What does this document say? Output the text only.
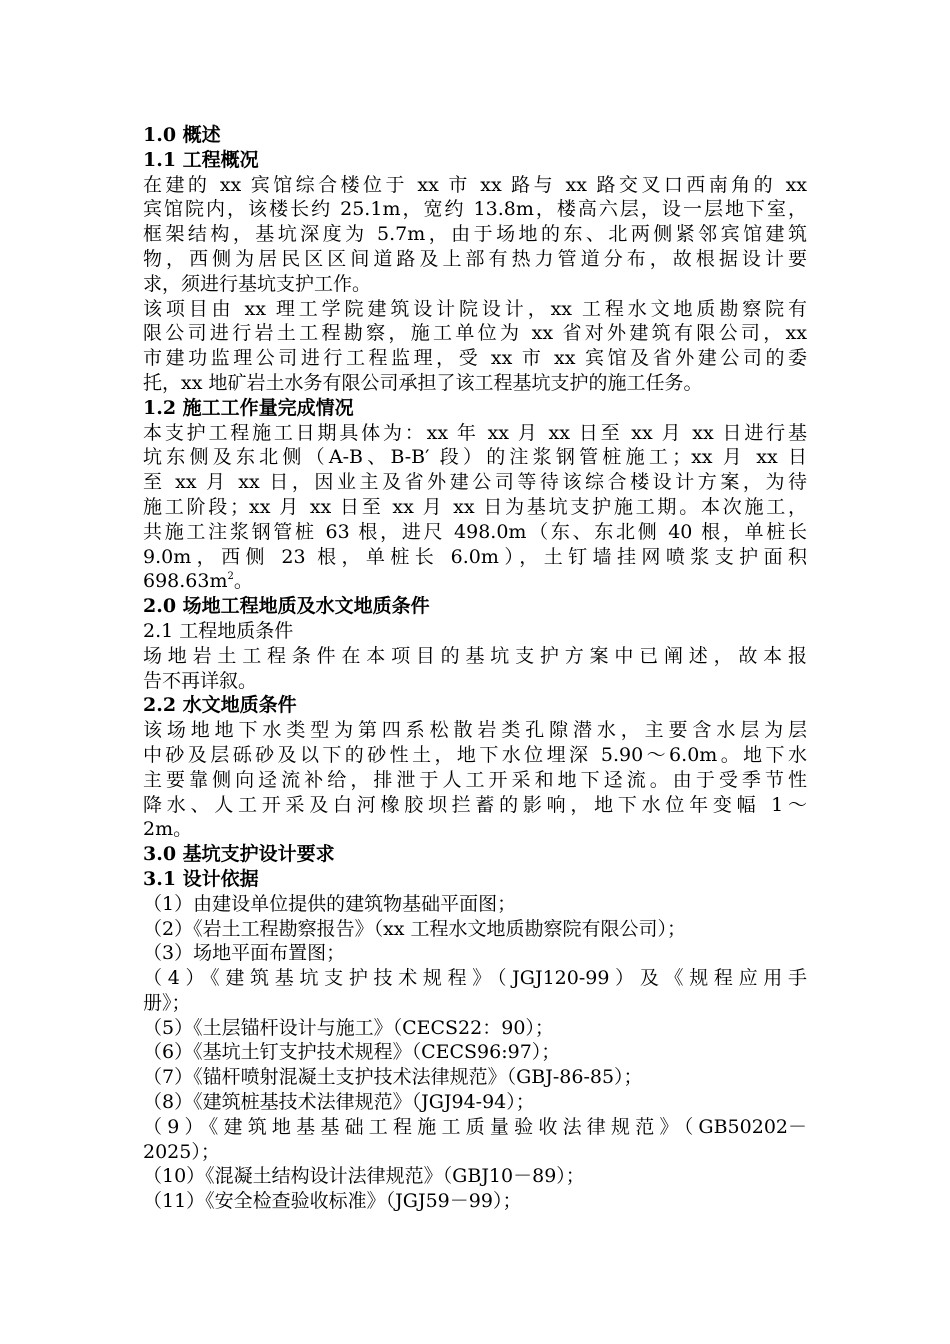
1.0 概述
1.1 工程概况
在建的 xx 宾馆综合楼位于 xx 市 xx 路与 xx 路交叉口西南角的 xx
宾馆院内，该楼长约 25.1m，宽约 13.8m，楼高六层，设一层地下室，
框架结构，基坑深度为 5.7m，由于场地的东、北两侧紧邻宾馆建筑
物，西侧为居民区区间道路及上部有热力管道分布，故根据设计要
求，须进行基坑支护工作。
该项目由 xx 理工学院建筑设计院设计，xx 工程水文地质勘察院有
限公司进行岩土工程勘察，施工单位为 xx 省对外建筑有限公司，xx
市建功监理公司进行工程监理，受 xx 市 xx 宾馆及省外建公司的委
托，xx 地矿岩土水务有限公司承担了该工程基坑支护的施工任务。
1.2 施工工作量完成情况
本支护工程施工日期具体为：xx 年 xx 月 xx 日至 xx 月 xx 日进行基
坑东侧及东北侧（A-B、B-B′ 段）的注浆钢管桩施工；xx 月 xx 日
至 xx 月 xx 日，因业主及省外建公司等待该综合楼设计方案，为待
施工阶段；xx 月 xx 日至 xx 月 xx 日为基坑支护施工期。本次施工，
共施工注浆钢管桩 63 根，进尺 498.0m（东、东北侧 40 根，单桩长
9.0m，西侧 23 根，单桩长 6.0m），土钉墙挂网喷浆支护面积
$698.63m^2$。
2.0 场地工程地质及水文地质条件
2.1 工程地质条件
场地岩土工程条件在本项目的基坑支护方案中已阐述，故本报
告不再详叙。
2.2 水文地质条件
该场地地下水类型为第四系松散岩类孔隙潜水，主要含水层为层
中砂及层砾砂及以下的砂性土，地下水位埋深 5.90～6.0m。地下水
主要靠侧向迳流补给，排泄于人工开采和地下迳流。由于受季节性
降水、人工开采及白河橡胶坝拦蓄的影响，地下水位年变幅 1～
2m。
3.0 基坑支护设计要求
3.1 设计依据
（1）由建设单位提供的建筑物基础平面图；
（2）《岩土工程勘察报告》（xx 工程水文地质勘察院有限公司）；
（3）场地平面布置图；
（4）《建筑基坑支护技术规程》（JGJ120-99）及《规程应用手
册》；
（5）《土层锚杆设计与施工》（CECS22：90）；
（6）《基坑土钉支护技术规程》（CECS96:97）；
（7）《锚杆喷射混凝土支护技术法律规范》（GBJ-86-85）；
（8）《建筑桩基技术法律规范》（JGJ94-94）；
（9）《建筑地基基础工程施工质量验收法律规范》（GB50202－
2025）；
（10）《混凝土结构设计法律规范》（GBJ10－89）；
（11）《安全检查验收标准》（JGJ59－99）；
